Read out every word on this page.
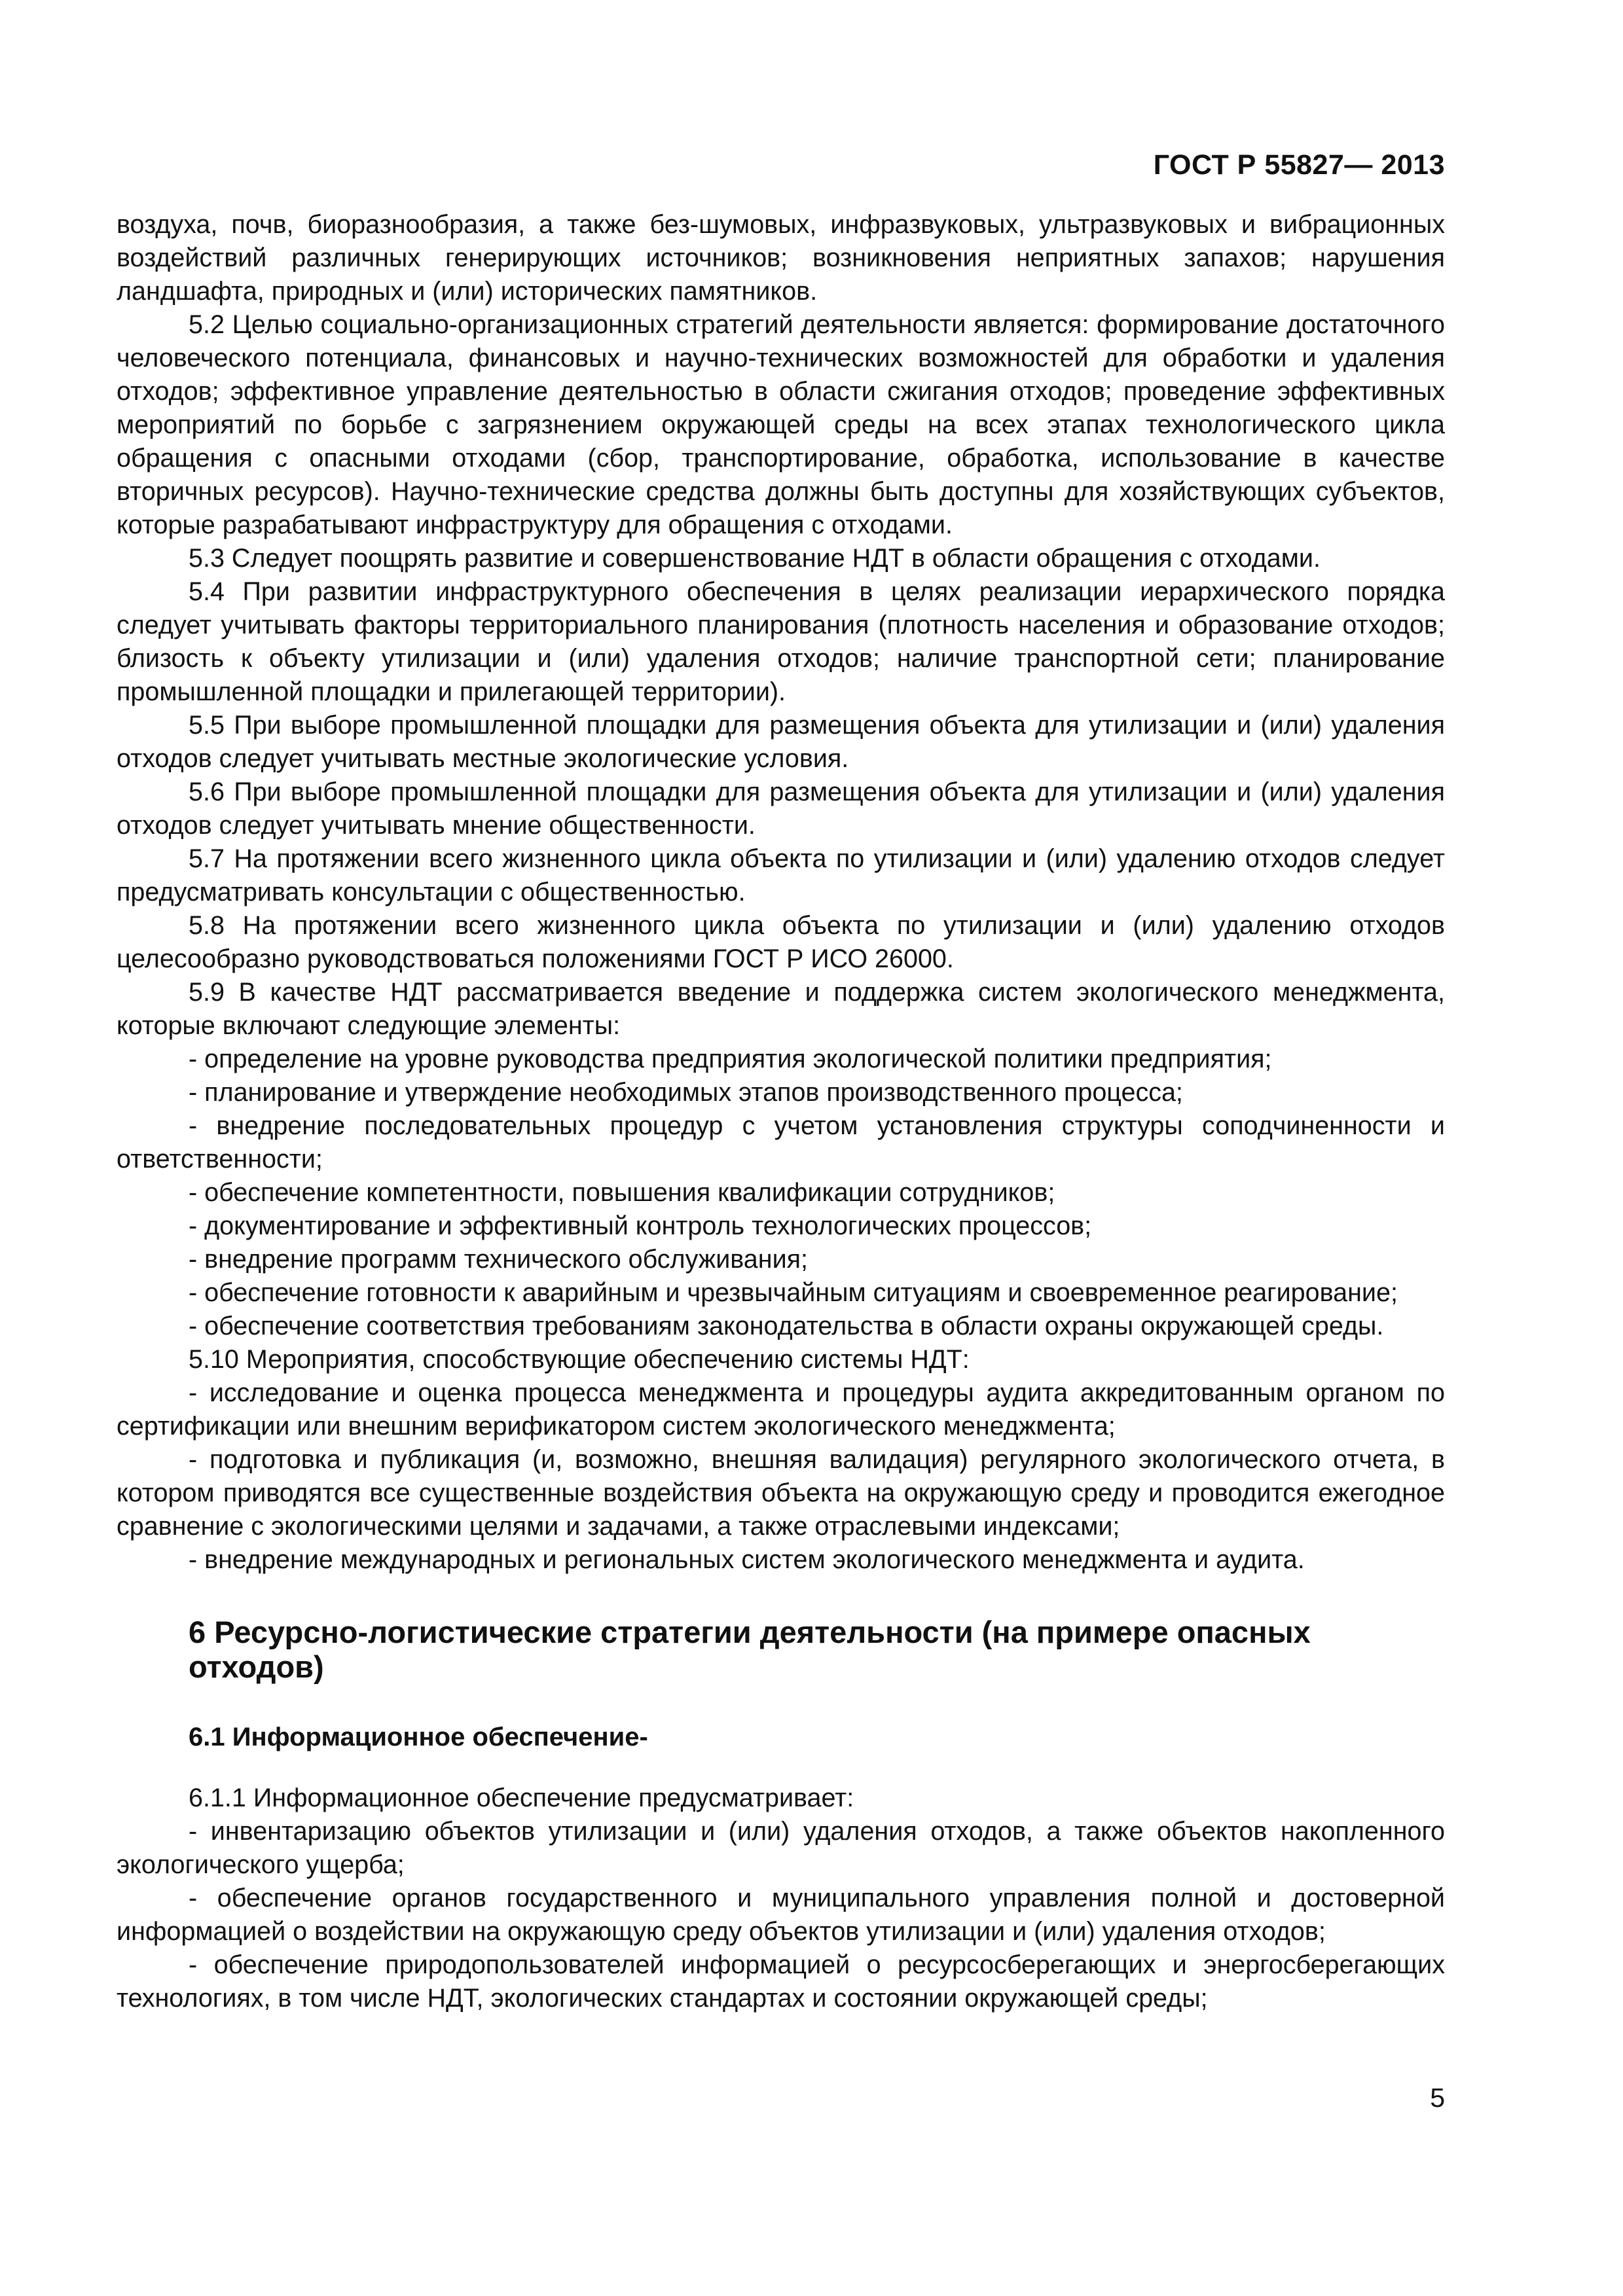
ГОСТ Р 55827— 2013

воздуха, почв, биоразнообразия, а также без-шумовых, инфразвуковых, ультразвуковых и вибрационных воздействий различных генерирующих источников; возникновения неприятных запахов; нарушения ландшафта, природных и (или) исторических памятников.

5.2 Целью социально-организационных стратегий деятельности является: формирование достаточного человеческого потенциала, финансовых и научно-технических возможностей для обработки и удаления отходов; эффективное управление деятельностью в области сжигания отходов; проведение эффективных мероприятий по борьбе с загрязнением окружающей среды на всех этапах технологического цикла обращения с опасными отходами (сбор, транспортирование, обработка, использование в качестве вторичных ресурсов). Научно-технические средства должны быть доступны для хозяйствующих субъектов, которые разрабатывают инфраструктуру для обращения с отходами.

5.3 Следует поощрять развитие и совершенствование НДТ в области обращения с отходами.

5.4 При развитии инфраструктурного обеспечения в целях реализации иерархического порядка следует учитывать факторы территориального планирования (плотность населения и образование отходов; близость к объекту утилизации и (или) удаления отходов; наличие транспортной сети; планирование промышленной площадки и прилегающей территории).

5.5 При выборе промышленной площадки для размещения объекта для утилизации и (или) удаления отходов следует учитывать местные экологические условия.

5.6 При выборе промышленной площадки для размещения объекта для утилизации и (или) удаления отходов следует учитывать мнение общественности.

5.7 На протяжении всего жизненного цикла объекта по утилизации и (или) удалению отходов следует предусматривать консультации с общественностью.

5.8 На протяжении всего жизненного цикла объекта по утилизации и (или) удалению отходов целесообразно руководствоваться положениями ГОСТ Р ИСО 26000.

5.9 В качестве НДТ рассматривается введение и поддержка систем экологического менеджмента, которые включают следующие элементы:

- определение на уровне руководства предприятия экологической политики предприятия;

- планирование и утверждение необходимых этапов производственного процесса;

- внедрение последовательных процедур с учетом установления структуры соподчиненности и ответственности;

- обеспечение компетентности, повышения квалификации сотрудников;

- документирование и эффективный контроль технологических процессов;

- внедрение программ технического обслуживания;

- обеспечение готовности к аварийным и чрезвычайным ситуациям и своевременное реагирование;

- обеспечение соответствия требованиям законодательства в области охраны окружающей среды.

5.10 Мероприятия, способствующие обеспечению системы НДТ:

- исследование и оценка процесса менеджмента и процедуры аудита аккредитованным органом по сертификации или внешним верификатором систем экологического менеджмента;

- подготовка и публикация (и, возможно, внешняя валидация) регулярного экологического отчета, в котором приводятся все существенные воздействия объекта на окружающую среду и проводится ежегодное сравнение с экологическими целями и задачами, а также отраслевыми индексами;

- внедрение международных и региональных систем экологического менеджмента и аудита.

6 Ресурсно-логистические стратегии деятельности (на примере опасных отходов)

6.1 Информационное обеспечение-

6.1.1 Информационное обеспечение предусматривает:

- инвентаризацию объектов утилизации и (или) удаления отходов, а также объектов накопленного экологического ущерба;

- обеспечение органов государственного и муниципального управления полной и достоверной информацией о воздействии на окружающую среду объектов утилизации и (или) удаления отходов;

- обеспечение природопользователей информацией о ресурсосберегающих и энергосберегающих технологиях, в том числе НДТ, экологических стандартах и состоянии окружающей среды;

5
